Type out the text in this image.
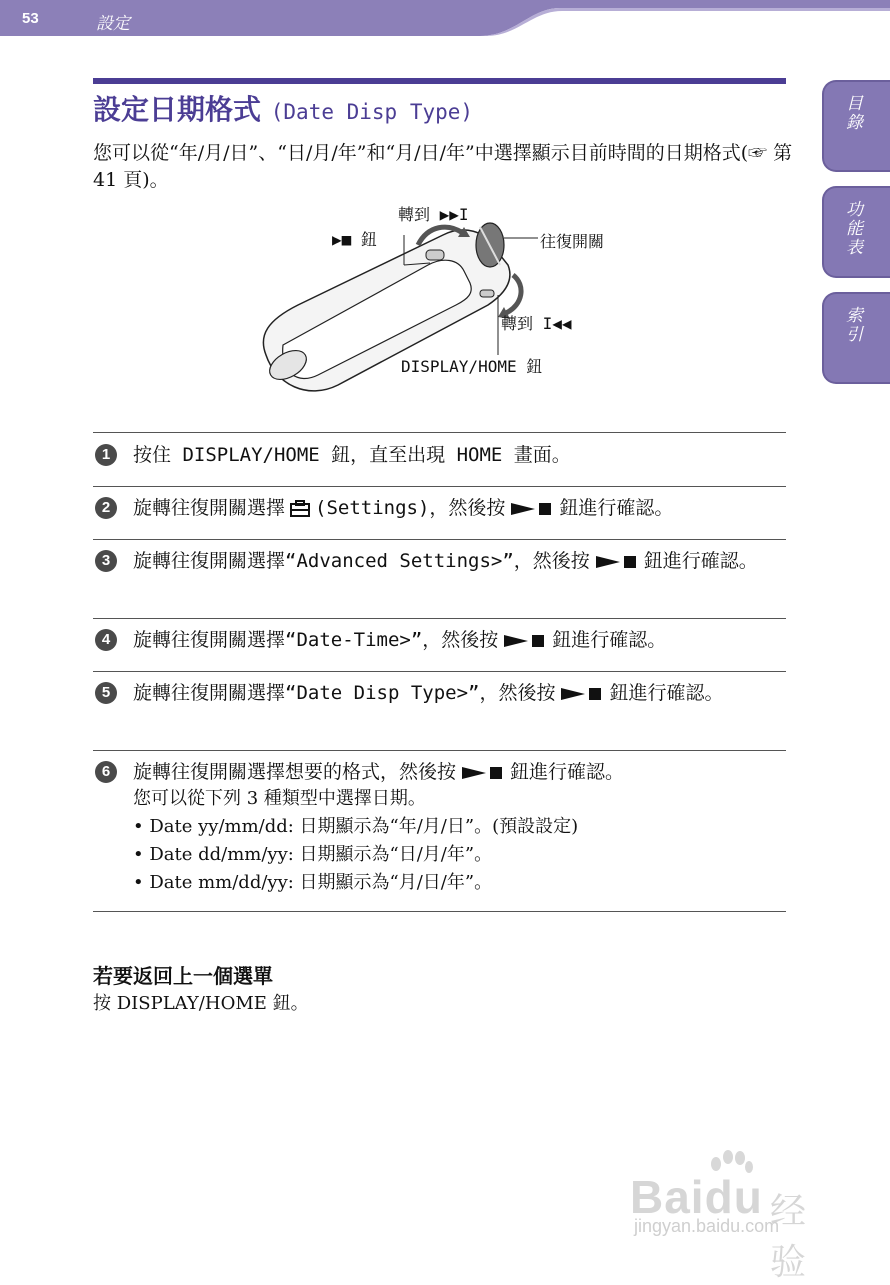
53	設定
目錄
功能表
索引
設定日期格式 (Date Disp Type)
您可以從“年/月/日”、“日/月/年”和“月/日/年”中選擇顯示目前時間的日期格式(☞ 第 41 頁)。
轉到 ▶▶I
▶■ 鈕	往復開關
轉到 I◀◀
DISPLAY/HOME 鈕
1	按住 DISPLAY/HOME 鈕，直至出現 HOME 畫面。
2	旋轉往復開關選擇 (Settings)，然後按	鈕進行確認。
3	旋轉往復開關選擇“Advanced Settings>”，然後按	鈕進行確認。
4	旋轉往復開關選擇“Date-Time>”，然後按	鈕進行確認。
5	旋轉往復開關選擇“Date Disp Type>”，然後按	鈕進行確認。
6	旋轉往復開關選擇想要的格式，然後按	鈕進行確認。
您可以從下列 3 種類型中選擇日期。
• Date yy/mm/dd: 日期顯示為“年/月/日”。(預設設定)
• Date dd/mm/yy: 日期顯示為“日/月/年”。
• Date mm/dd/yy: 日期顯示為“月/日/年”。
若要返回上一個選單
按 DISPLAY/HOME 鈕。
Baidu 经验
jingyan.baidu.com
